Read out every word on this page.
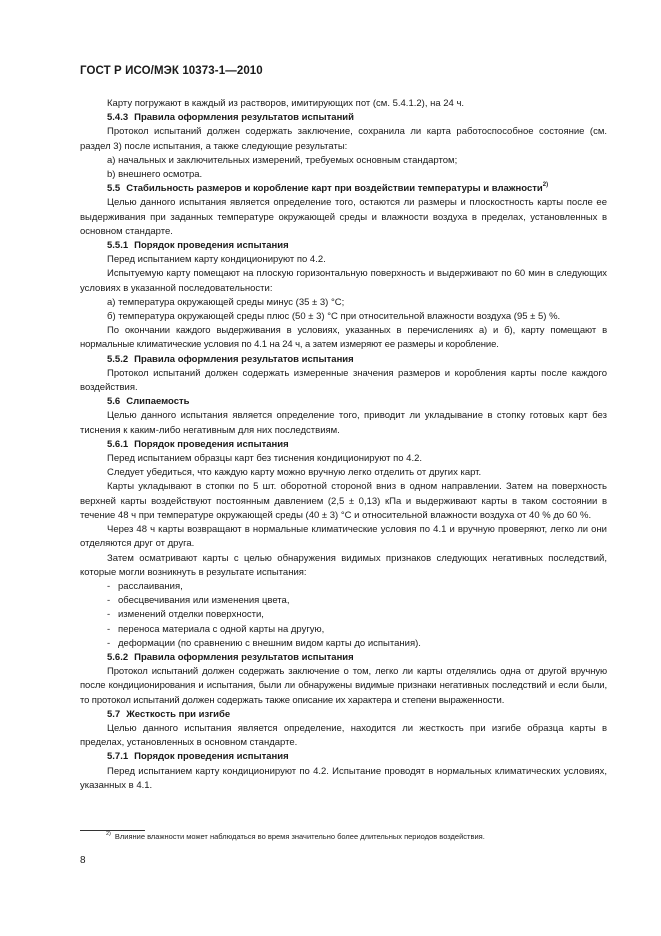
ГОСТ Р ИСО/МЭК 10373-1—2010

Карту погружают в каждый из растворов, имитирующих пот (см. 5.4.1.2), на 24 ч.

5.4.3 Правила оформления результатов испытаний

Протокол испытаний должен содержать заключение, сохранила ли карта работоспособное состояние (см. раздел 3) после испытания, а также следующие результаты:

а) начальных и заключительных измерений, требуемых основным стандартом;

b) внешнего осмотра.

5.5 Стабильность размеров и коробление карт при воздействии температуры и влажности$^{2)}$

Целью данного испытания является определение того, остаются ли размеры и плоскостность карты после ее выдерживания при заданных температуре окружающей среды и влажности воздуха в пределах, установленных в основном стандарте.

5.5.1 Порядок проведения испытания

Перед испытанием карту кондиционируют по 4.2.

Испытуемую карту помещают на плоскую горизонтальную поверхность и выдерживают по 60 мин в следующих условиях в указанной последовательности:

а) температура окружающей среды минус (35 ± 3) °С;

б) температура окружающей среды плюс (50 ± 3) °С при относительной влажности воздуха (95 ± 5) %.

По окончании каждого выдерживания в условиях, указанных в перечислениях а) и б), карту помещают в нормальные климатические условия по 4.1 на 24 ч, а затем измеряют ее размеры и коробление.

5.5.2 Правила оформления результатов испытания

Протокол испытаний должен содержать измеренные значения размеров и коробления карты после каждого воздействия.

5.6 Слипаемость

Целью данного испытания является определение того, приводит ли укладывание в стопку готовых карт без тиснения к каким-либо негативным для них последствиям.

5.6.1 Порядок проведения испытания

Перед испытанием образцы карт без тиснения кондиционируют по 4.2.

Следует убедиться, что каждую карту можно вручную легко отделить от других карт.

Карты укладывают в стопки по 5 шт. оборотной стороной вниз в одном направлении. Затем на поверхность верхней карты воздействуют постоянным давлением (2,5 ± 0,13) кПа и выдерживают карты в таком состоянии в течение 48 ч при температуре окружающей среды (40 ± 3) °С и относительной влажности воздуха от 40 % до 60 %.

Через 48 ч карты возвращают в нормальные климатические условия по 4.1 и вручную проверяют, легко ли они отделяются друг от друга.

Затем осматривают карты с целью обнаружения видимых признаков следующих негативных последствий, которые могли возникнуть в результате испытания:

- расслаивания,

- обесцвечивания или изменения цвета,

- изменений отделки поверхности,

- переноса материала с одной карты на другую,

- деформации (по сравнению с внешним видом карты до испытания).

5.6.2 Правила оформления результатов испытания

Протокол испытаний должен содержать заключение о том, легко ли карты отделялись одна от другой вручную после кондиционирования и испытания, были ли обнаружены видимые признаки негативных последствий и если были, то протокол испытаний должен содержать также описание их характера и степени выраженности.

5.7 Жесткость при изгибе

Целью данного испытания является определение, находится ли жесткость при изгибе образца карты в пределах, установленных в основном стандарте.

5.7.1 Порядок проведения испытания

Перед испытанием карту кондиционируют по 4.2. Испытание проводят в нормальных климатических условиях, указанных в 4.1.

$^{2)}$ Влияние влажности может наблюдаться во время значительно более длительных периодов воздействия.
8
